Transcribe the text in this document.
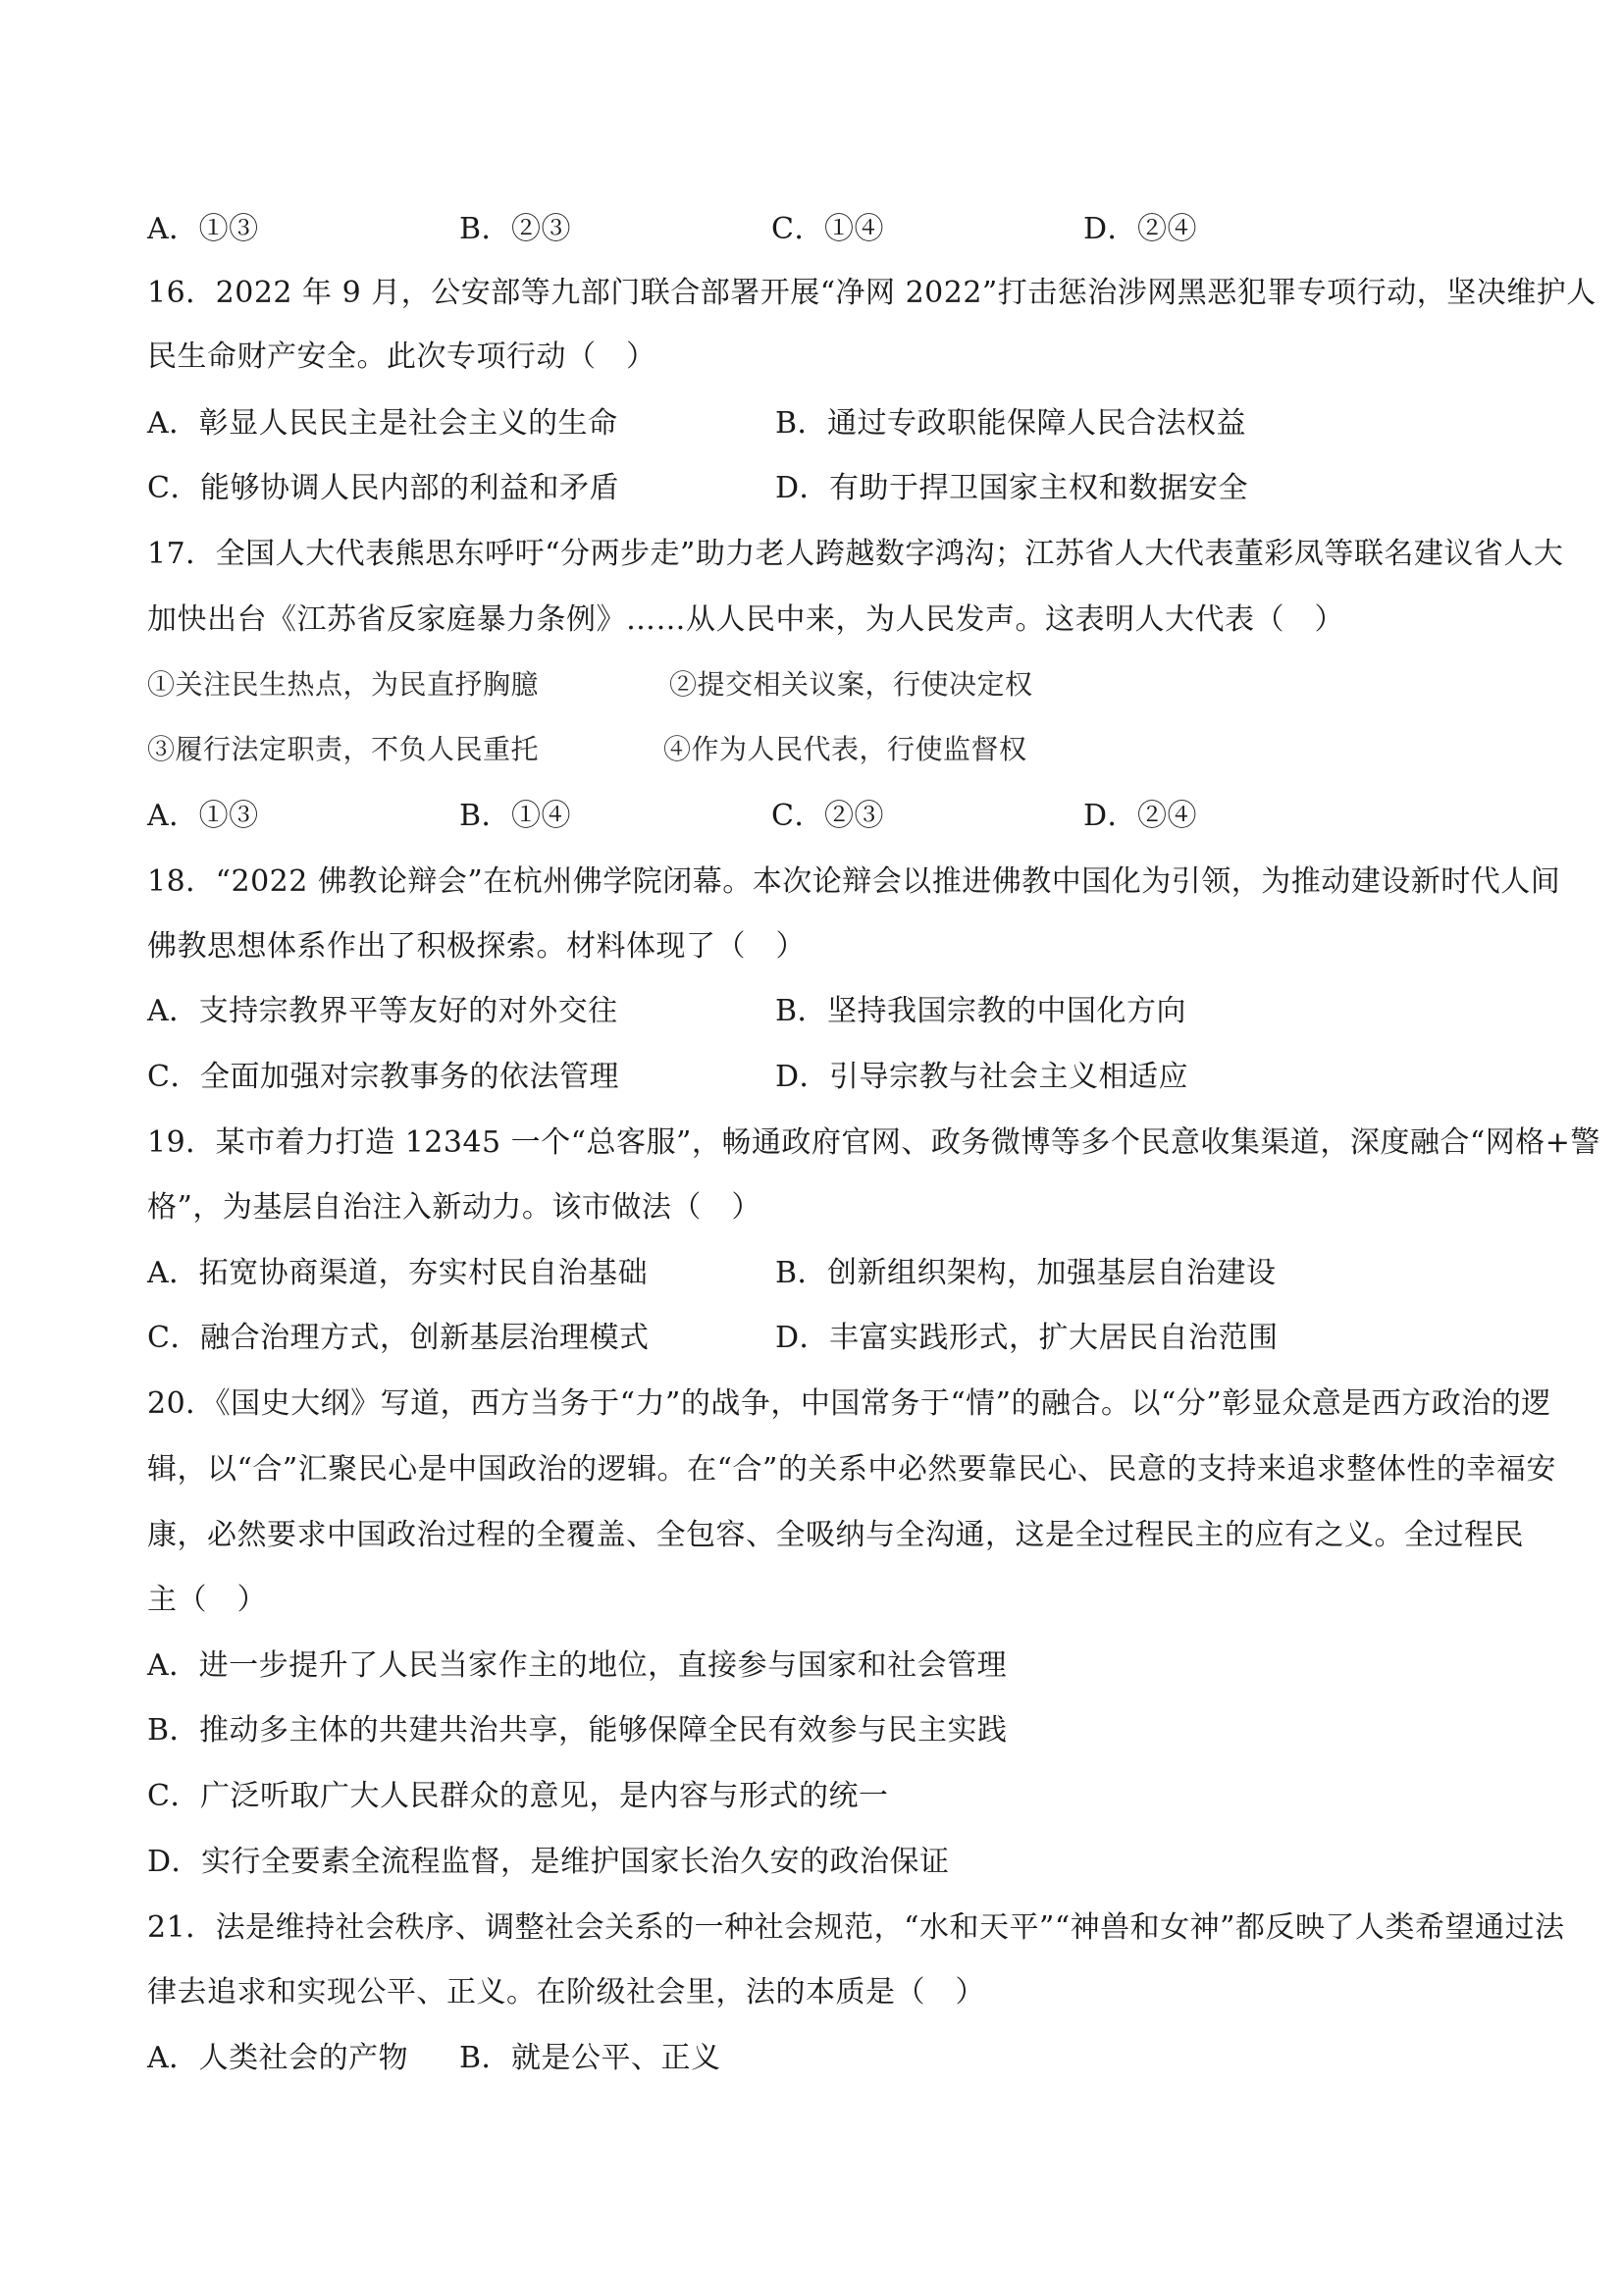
A．①③	B．②③	C．①④	D．②④
16．2022 年 9 月，公安部等九部门联合部署开展“净网 2022”打击惩治涉网黑恶犯罪专项行动，坚决维护人
民生命财产安全。此次专项行动（　）
A．彰显人民民主是社会主义的生命	B．通过专政职能保障人民合法权益
C．能够协调人民内部的利益和矛盾	D．有助于捍卫国家主权和数据安全
17．全国人大代表熊思东呼吁“分两步走”助力老人跨越数字鸿沟；江苏省人大代表董彩凤等联名建议省人大
加快出台《江苏省反家庭暴力条例》……从人民中来，为人民发声。这表明人大代表（　）
①关注民生热点，为民直抒胸臆	②提交相关议案，行使决定权
③履行法定职责，不负人民重托	④作为人民代表，行使监督权
A．①③	B．①④	C．②③	D．②④
18．“2022 佛教论辩会”在杭州佛学院闭幕。本次论辩会以推进佛教中国化为引领，为推动建设新时代人间
佛教思想体系作出了积极探索。材料体现了（　）
A．支持宗教界平等友好的对外交往	B．坚持我国宗教的中国化方向
C．全面加强对宗教事务的依法管理	D．引导宗教与社会主义相适应
19．某市着力打造 12345 一个“总客服”，畅通政府官网、政务微博等多个民意收集渠道，深度融合“网格+警
格”，为基层自治注入新动力。该市做法（　）
A．拓宽协商渠道，夯实村民自治基础	B．创新组织架构，加强基层自治建设
C．融合治理方式，创新基层治理模式	D．丰富实践形式，扩大居民自治范围
20．《国史大纲》写道，西方当务于“力”的战争，中国常务于“情”的融合。以“分”彰显众意是西方政治的逻
辑，以“合”汇聚民心是中国政治的逻辑。在“合”的关系中必然要靠民心、民意的支持来追求整体性的幸福安
康，必然要求中国政治过程的全覆盖、全包容、全吸纳与全沟通，这是全过程民主的应有之义。全过程民
主（　）
A．进一步提升了人民当家作主的地位，直接参与国家和社会管理
B．推动多主体的共建共治共享，能够保障全民有效参与民主实践
C．广泛听取广大人民群众的意见，是内容与形式的统一
D．实行全要素全流程监督，是维护国家长治久安的政治保证
21．法是维持社会秩序、调整社会关系的一种社会规范，“水和天平”“神兽和女神”都反映了人类希望通过法
律去追求和实现公平、正义。在阶级社会里，法的本质是（　）
A．人类社会的产物 B．就是公平、正义
